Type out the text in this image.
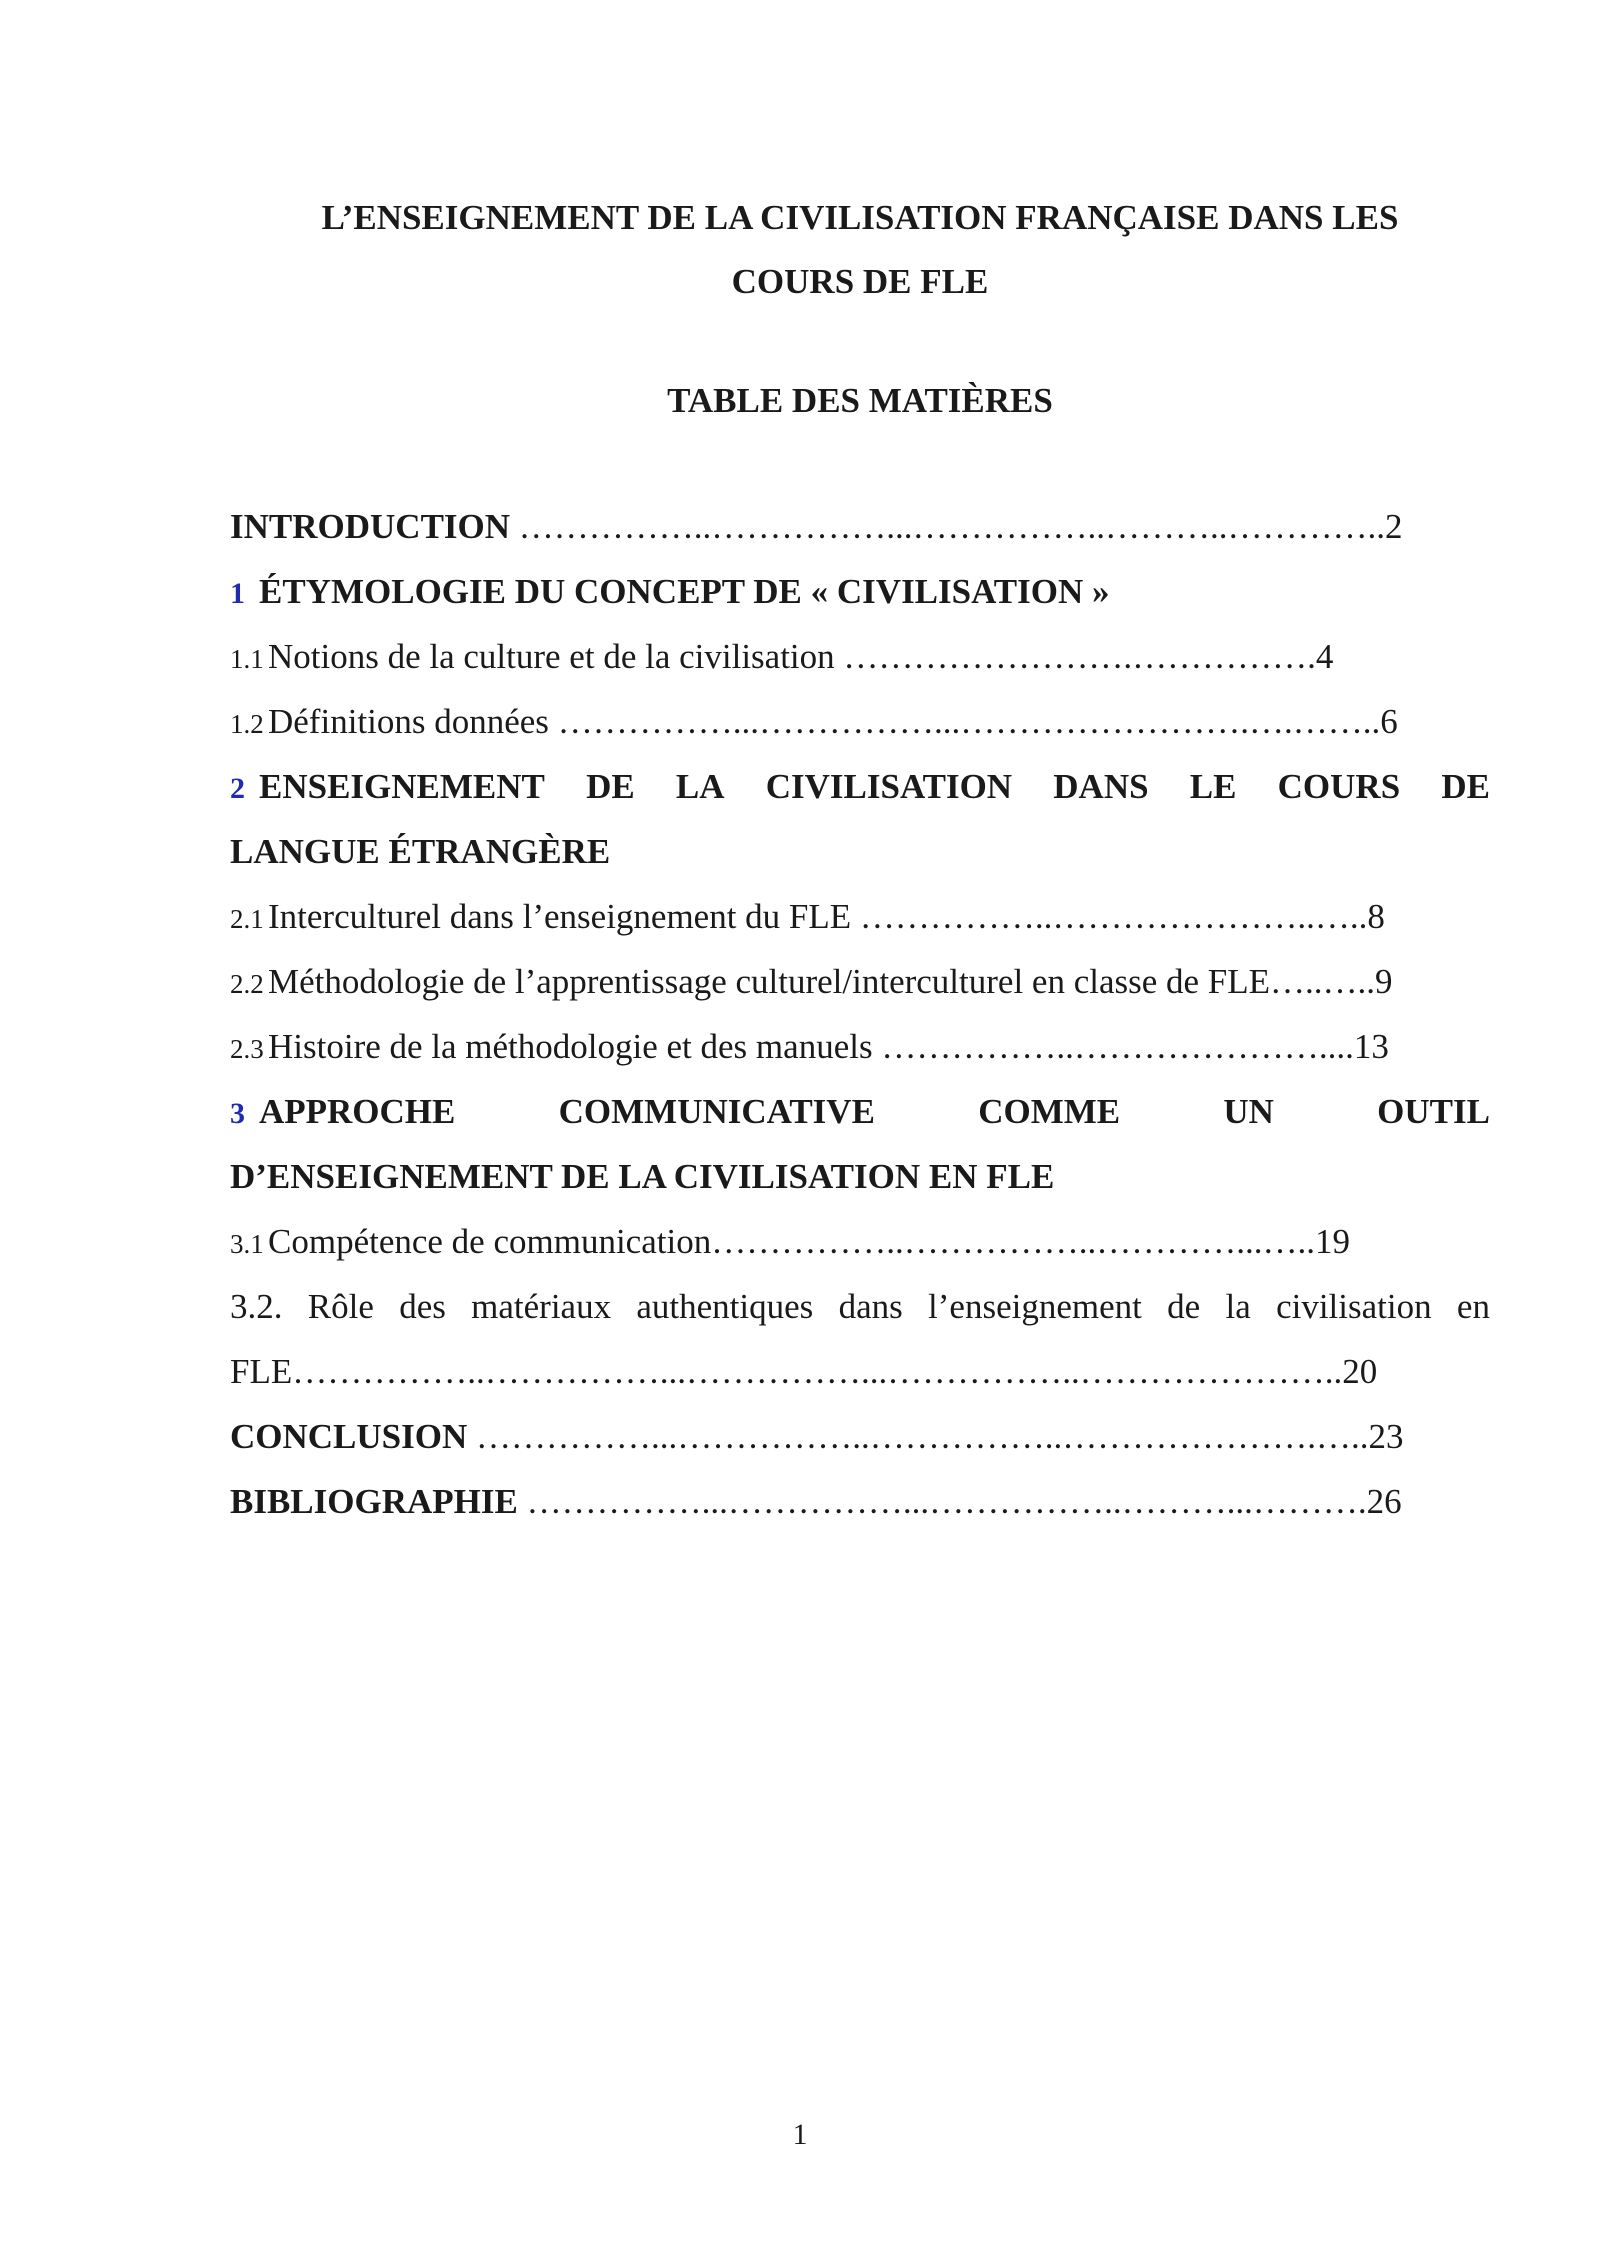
L’ENSEIGNEMENT DE LA CIVILISATION FRANÇAISE DANS LES
COURS DE FLE
TABLE DES MATIÈRES
INTRODUCTION ……………..……………...……………..………..…………..2
1 ÉTYMOLOGIE DU CONCEPT DE « CIVILISATION »
1.1 Notions de la culture et de la civilisation …………………….…………….4
1.2 Définitions données ……………...……………...…………………….….……..6
2 ENSEIGNEMENT DE LA CIVILISATION DANS LE COURS DE
LANGUE ÉTRANGÈRE
2.1 Interculturel dans l’enseignement du FLE ……………..…………………..…..8
2.2 Méthodologie de l’apprentissage culturel/interculturel en classe de FLE…..…..9
2.3 Histoire de la méthodologie et des manuels ……………..…………………....13
3 APPROCHE	COMMUNICATIVE	COMME	UN	OUTIL
D’ENSEIGNEMENT DE LA CIVILISATION EN FLE
3.1 Compétence de communication……………..……………..…………...…..19
3.2. Rôle des matériaux authentiques dans l’enseignement de la civilisation en
FLE……………..……………...……………...……………..…………………..20
CONCLUSION ……………...……………..……………..………………….…..23
BIBLIOGRAPHIE ……………...……………...……………..………...……….26
1
